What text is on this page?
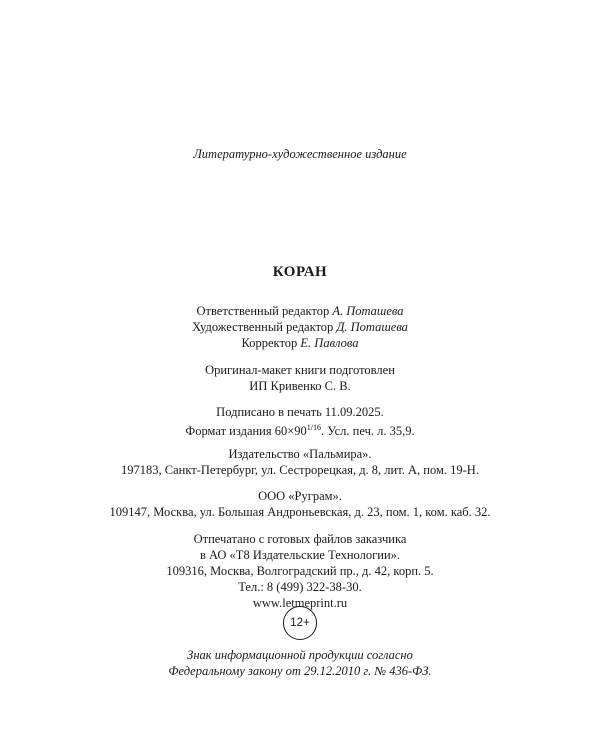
Литературно-художественное издание
КОРАН
Ответственный редактор А. Поташева
Художественный редактор Д. Поташева
Корректор Е. Павлова
Оригинал-макет книги подготовлен
ИП Кривенко С. В.
Подписано в печать 11.09.2025.
Формат издания $60\times 90^{1/16}$. Усл. печ. л. 35,9.
Издательство «Пальмира».
197183, Санкт-Петербург, ул. Сестрорецкая, д. 8, лит. А, пом. 19-Н.
ООО «Руграм».
109147, Москва, ул. Большая Андроньевская, д. 23, пом. 1, ком. каб. 32.
Отпечатано с готовых файлов заказчика
в АО «Т8 Издательские Технологии».
109316, Москва, Волгоградский пр., д. 42, корп. 5.
Тел.: 8 (499) 322-38-30.
www.letmeprint.ru
12+
Знак информационной продукции согласно
Федеральному закону от 29.12.2010 г. № 436-ФЗ.
